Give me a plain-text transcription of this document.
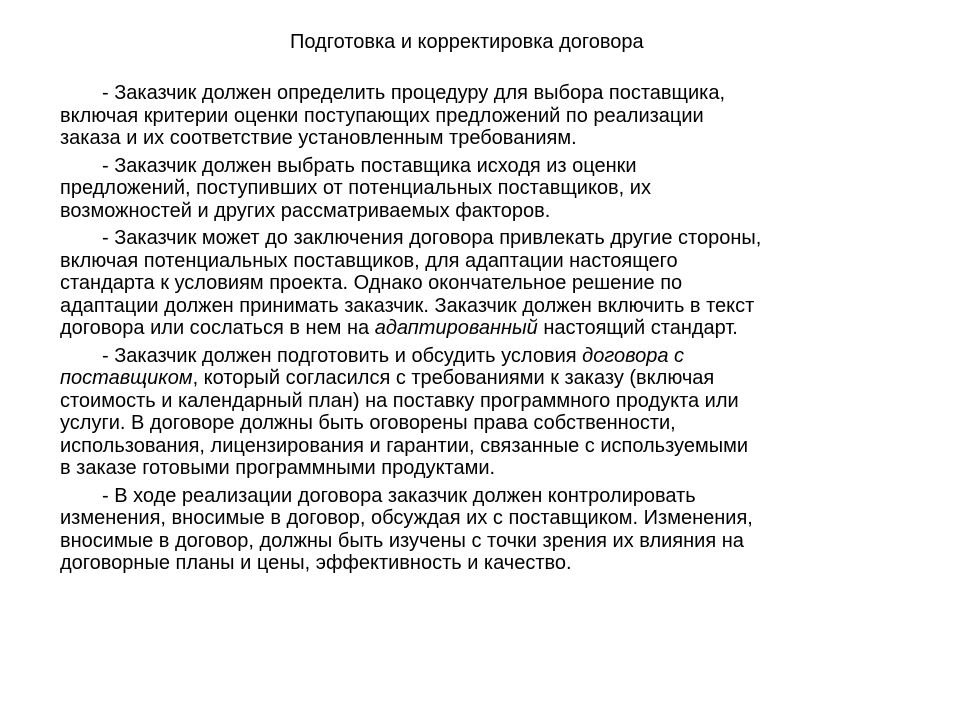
Подготовка и корректировка договора

- Заказчик должен определить процедуру для выбора поставщика,
включая критерии оценки поступающих предложений по реализации
заказа и их соответствие установленным требованиям.

- Заказчик должен выбрать поставщика исходя из оценки
предложений, поступивших от потенциальных поставщиков, их
возможностей и других рассматриваемых факторов.

- Заказчик может до заключения договора привлекать другие стороны,
включая потенциальных поставщиков, для адаптации настоящего
стандарта к условиям проекта. Однако окончательное решение по
адаптации должен принимать заказчик. Заказчик должен включить в текст
договора или сослаться в нем на адаптированный настоящий стандарт.

- Заказчик должен подготовить и обсудить условия договора с
поставщиком, который согласился с требованиями к заказу (включая
стоимость и календарный план) на поставку программного продукта или
услуги. В договоре должны быть оговорены права собственности,
использования, лицензирования и гарантии, связанные с используемыми
в заказе готовыми программными продуктами.

- В ходе реализации договора заказчик должен контролировать
изменения, вносимые в договор, обсуждая их с поставщиком. Изменения,
вносимые в договор, должны быть изучены с точки зрения их влияния на
договорные планы и цены, эффективность и качество.
